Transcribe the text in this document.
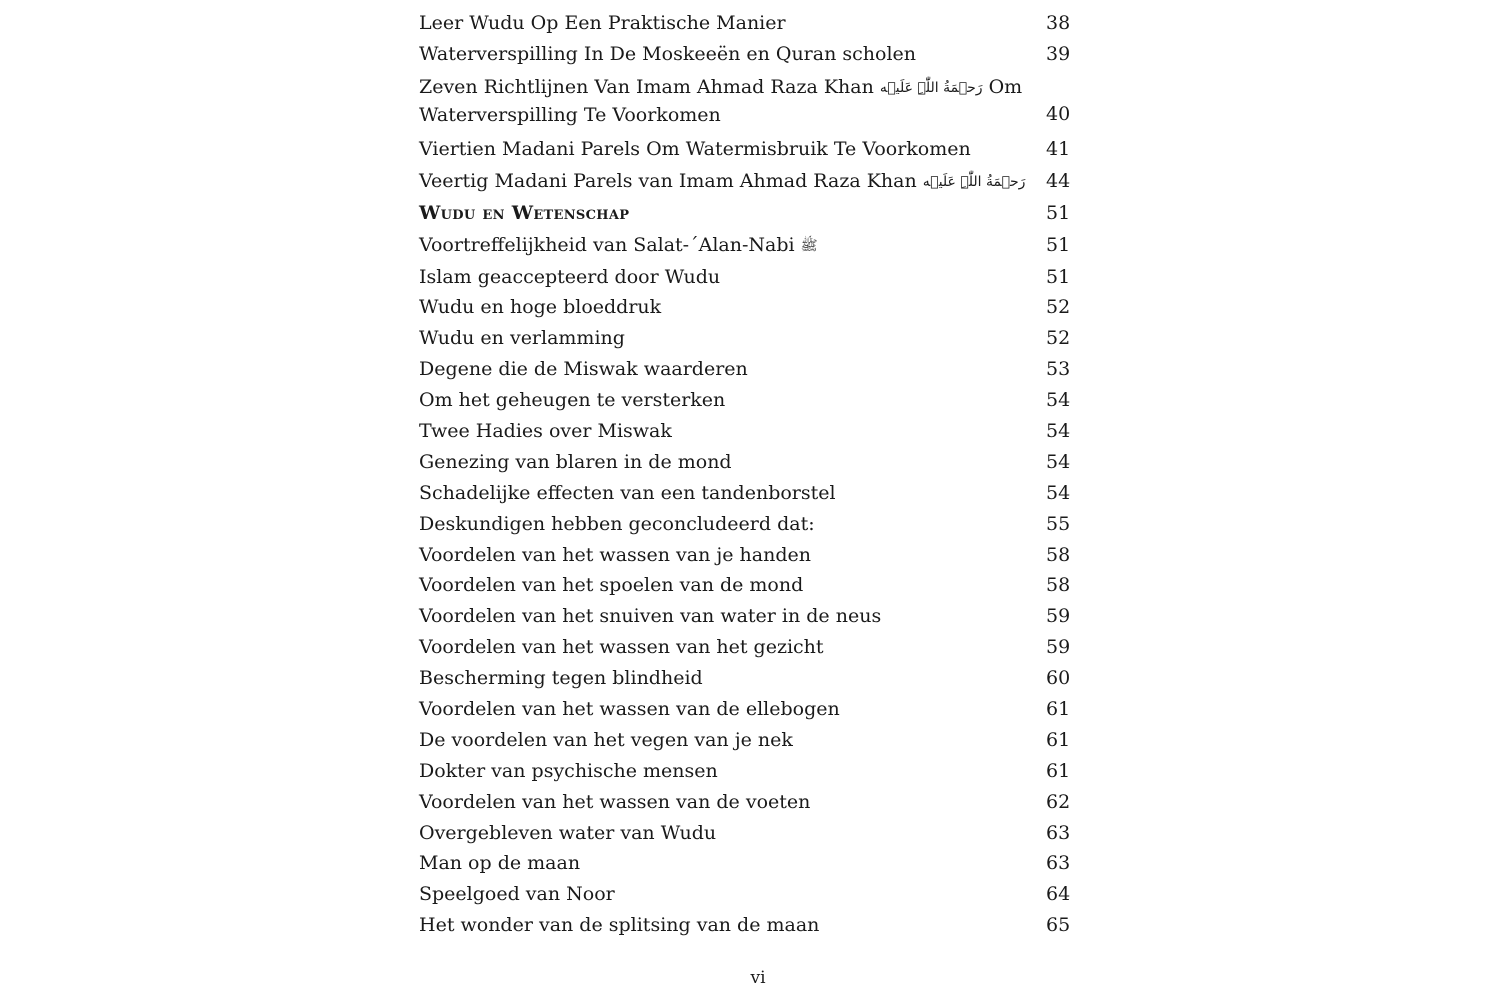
Leer Wudu Op Een Praktische Manier	38
Waterverspilling In De Moskeeën en Quran scholen	39
Zeven Richtlijnen Van Imam Ahmad Raza Khan رَحۡمَةُ اللّٰہِ عَلَيۡه Om Waterverspilling Te Voorkomen	40
Viertien Madani Parels Om Watermisbruik Te Voorkomen	41
Veertig Madani Parels van Imam Ahmad Raza Khan رَحۡمَةُ اللّٰہِ عَلَيۡه 44
Wudu en Wetenschap	51
Voortreffelijkheid van Salat-´Alan-Nabi ﷺ	51
Islam geaccepteerd door Wudu	51
Wudu en hoge bloeddruk	52
Wudu en verlamming	52
Degene die de Miswak waarderen	53
Om het geheugen te versterken	54
Twee Hadies over Miswak	54
Genezing van blaren in de mond	54
Schadelijke effecten van een tandenborstel	54
Deskundigen hebben geconcludeerd dat:	55
Voordelen van het wassen van je handen	58
Voordelen van het spoelen van de mond	58
Voordelen van het snuiven van water in de neus	59
Voordelen van het wassen van het gezicht	59
Bescherming tegen blindheid	60
Voordelen van het wassen van de ellebogen	61
De voordelen van het vegen van je nek	61
Dokter van psychische mensen	61
Voordelen van het wassen van de voeten	62
Overgebleven water van Wudu	63
Man op de maan	63
Speelgoed van Noor	64
Het wonder van de splitsing van de maan	65
vi
